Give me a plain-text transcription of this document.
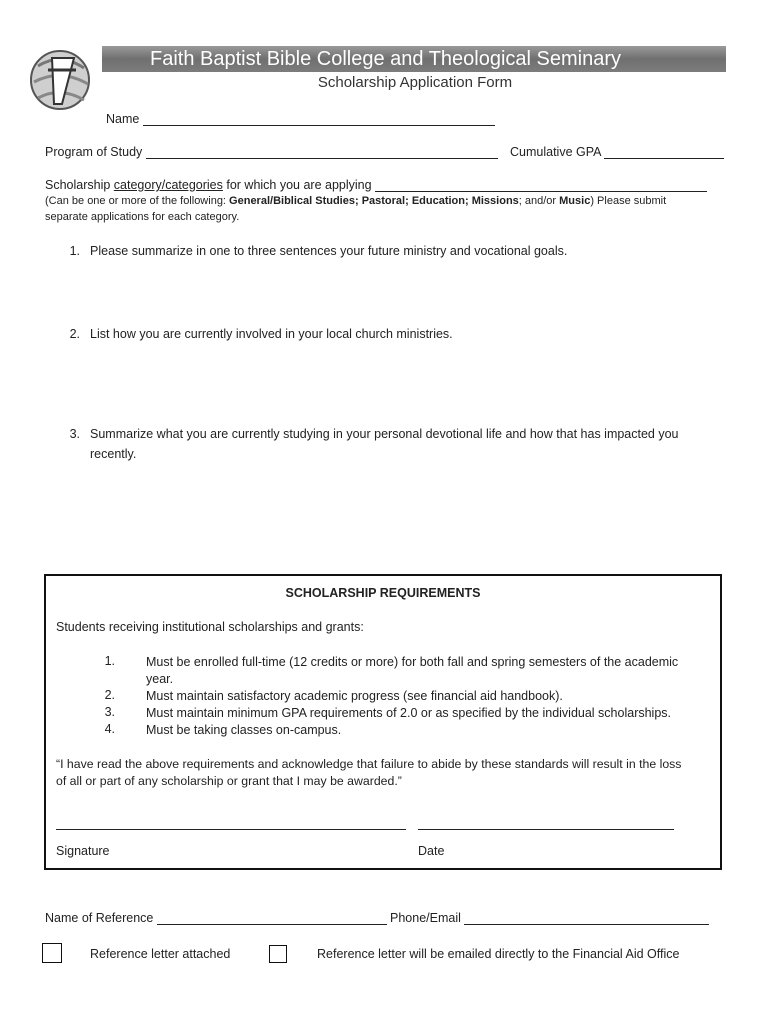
Faith Baptist Bible College and Theological Seminary
Scholarship Application Form
Name
Program of Study	Cumulative GPA
Scholarship category/categories for which you are applying
(Can be one or more of the following: General/Biblical Studies; Pastoral; Education; Missions; and/or Music) Please submit
separate applications for each category.
1. Please summarize in one to three sentences your future ministry and vocational goals.
2. List how you are currently involved in your local church ministries.
3. Summarize what you are currently studying in your personal devotional life and how that has impacted you
recently.
SCHOLARSHIP REQUIREMENTS
Students receiving institutional scholarships and grants:
1. Must be enrolled full-time (12 credits or more) for both fall and spring semesters of the academic
year.
2. Must maintain satisfactory academic progress (see financial aid handbook).
3. Must maintain minimum GPA requirements of 2.0 or as specified by the individual scholarships.
4. Must be taking classes on-campus.
“I have read the above requirements and acknowledge that failure to abide by these standards will result in the loss
of all or part of any scholarship or grant that I may be awarded.”
Signature	Date
Name of Reference	Phone/Email
Reference letter attached	Reference letter will be emailed directly to the Financial Aid Office
